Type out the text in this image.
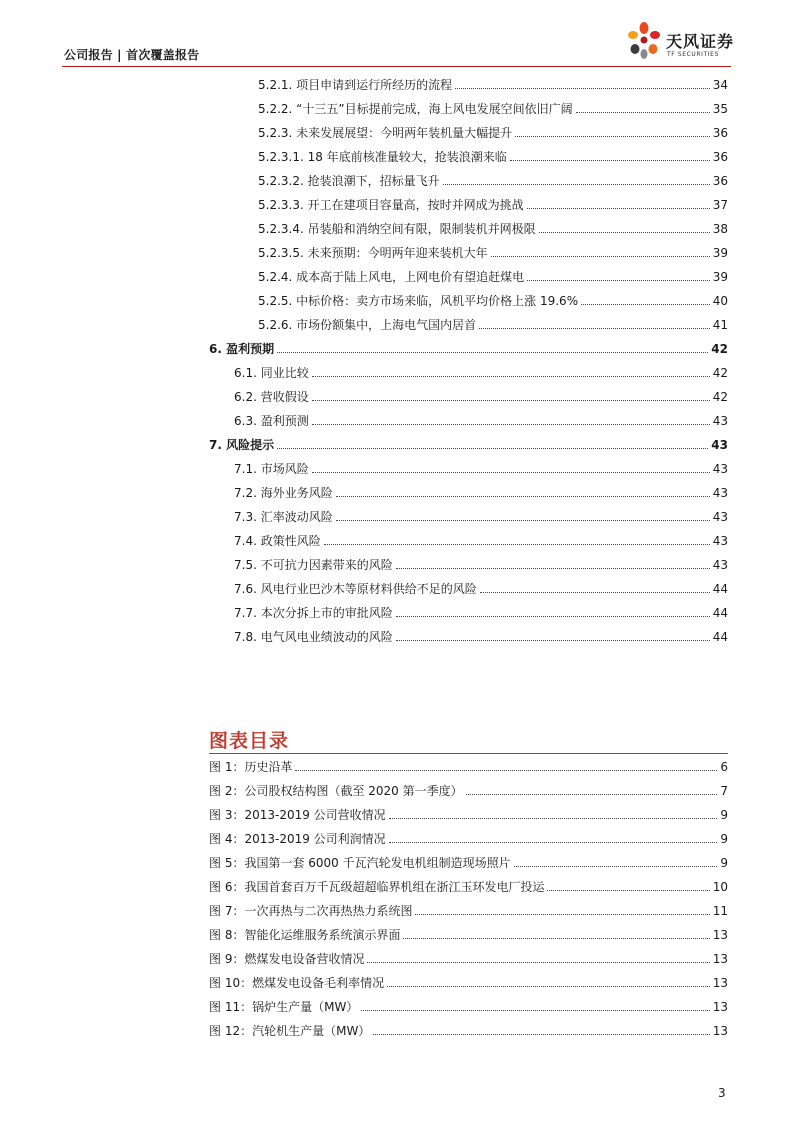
公司报告 | 首次覆盖报告
天风证券
TF SECURITIES
5.2.1. 项目申请到运行所经历的流程	34
5.2.2. “十三五”目标提前完成，海上风电发展空间依旧广阔	35
5.2.3. 未来发展展望：今明两年装机量大幅提升	36
5.2.3.1. 18 年底前核准量较大，抢装浪潮来临	36
5.2.3.2. 抢装浪潮下，招标量飞升	36
5.2.3.3. 开工在建项目容量高，按时并网成为挑战	37
5.2.3.4. 吊装船和消纳空间有限，限制装机并网极限	38
5.2.3.5. 未来预期：今明两年迎来装机大年	39
5.2.4. 成本高于陆上风电，上网电价有望追赶煤电	39
5.2.5. 中标价格：卖方市场来临，风机平均价格上涨 19.6%	40
5.2.6. 市场份额集中，上海电气国内居首	41
6. 盈利预期	42
6.1. 同业比较	42
6.2. 营收假设	42
6.3. 盈利预测	43
7. 风险提示	43
7.1. 市场风险	43
7.2. 海外业务风险	43
7.3. 汇率波动风险	43
7.4. 政策性风险	43
7.5. 不可抗力因素带来的风险	43
7.6. 风电行业巴沙木等原材料供给不足的风险	44
7.7. 本次分拆上市的审批风险	44
7.8. 电气风电业绩波动的风险	44
图表目录
图 1：历史沿革	6
图 2：公司股权结构图（截至 2020 第一季度）	7
图 3：2013-2019 公司营收情况	9
图 4：2013-2019 公司利润情况	9
图 5：我国第一套 6000 千瓦汽轮发电机组制造现场照片	9
图 6：我国首套百万千瓦级超超临界机组在浙江玉环发电厂投运	10
图 7：一次再热与二次再热热力系统图	11
图 8：智能化运维服务系统演示界面	13
图 9：燃煤发电设备营收情况	13
图 10：燃煤发电设备毛利率情况	13
图 11：锅炉生产量（MW）	13
图 12：汽轮机生产量（MW）	13
3
